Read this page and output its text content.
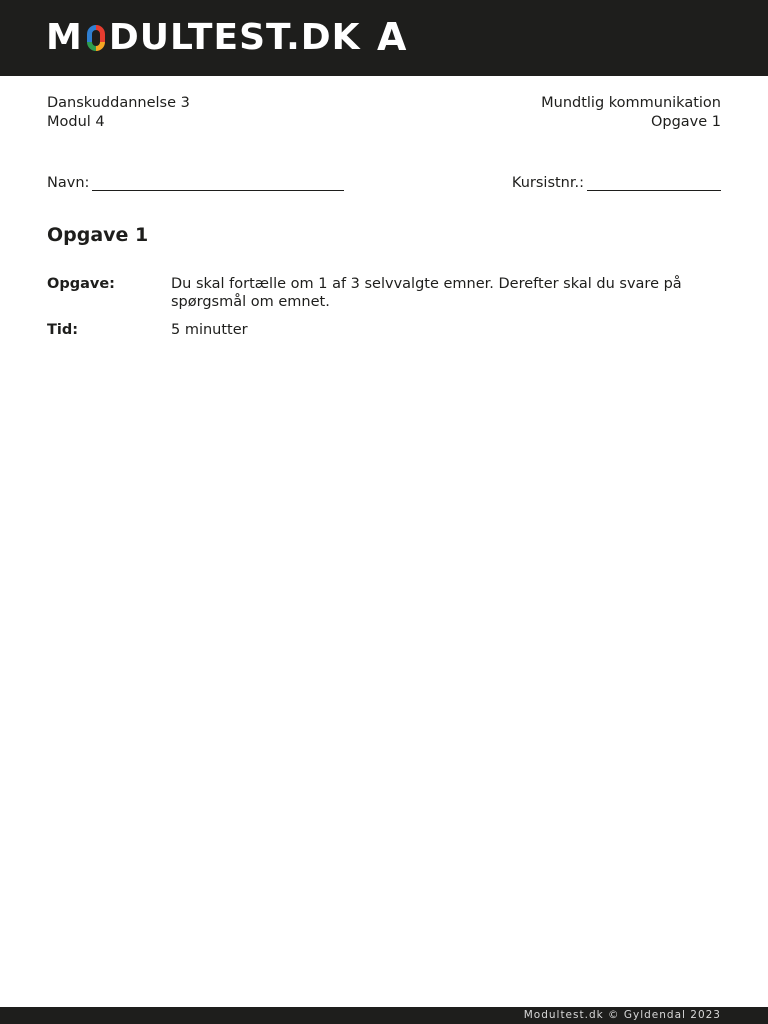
M DULTEST.DK A
Danskuddannelse 3
Modul 4
Mundtlig kommunikation
Opgave 1
Navn:	Kursistnr.:
Opgave 1
Opgave:	Du skal fortælle om 1 af 3 selvvalgte emner. Derefter skal du svare på spørgsmål om emnet.
Tid:	5 minutter
Modultest.dk © Gyldendal 2023
